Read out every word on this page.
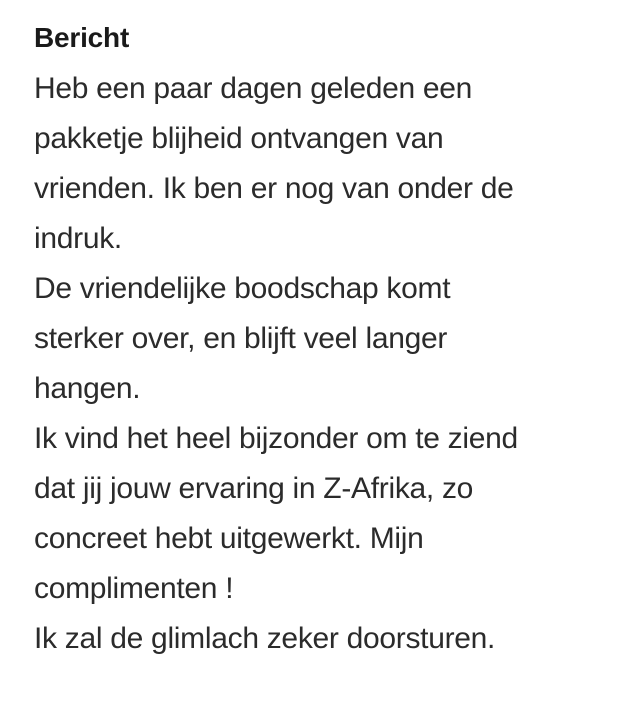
Bericht
Heb een paar dagen geleden een
pakketje blijheid ontvangen van
vrienden. Ik ben er nog van onder de
indruk.
De vriendelijke boodschap komt
sterker over, en blijft veel langer
hangen.
Ik vind het heel bijzonder om te ziend
dat jij jouw ervaring in Z-Afrika, zo
concreet hebt uitgewerkt. Mijn
complimenten !
Ik zal de glimlach zeker doorsturen.
